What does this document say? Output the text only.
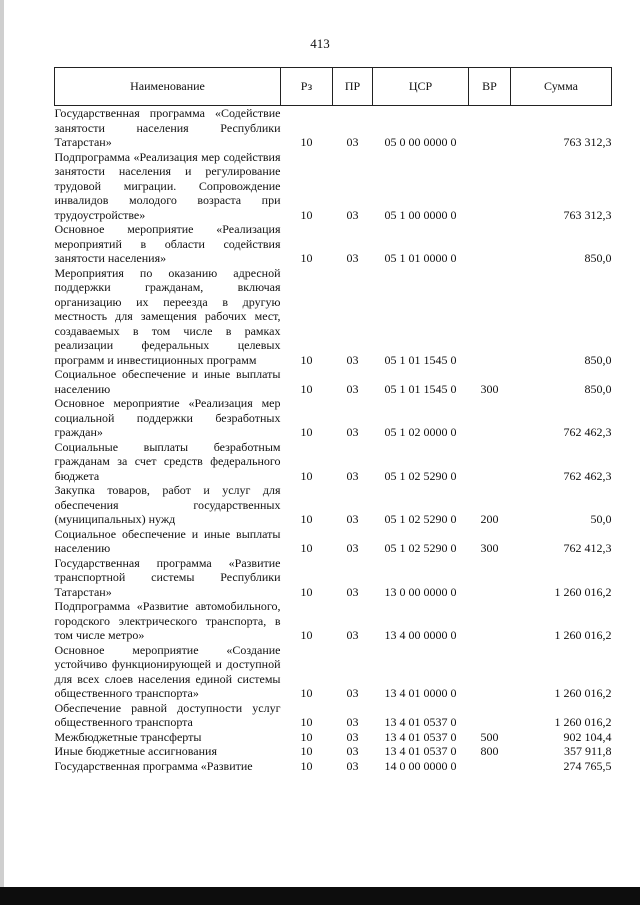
413
Наименование	Рз	ПР	ЦСР	ВР	Сумма
Государственная программа «Содействие занятости населения Республики Татарстан»	10	03	05 0 00 0000 0		763 312,3
Подпрограмма «Реализация мер содействия занятости населения и регулирование трудовой миграции. Сопровождение инвалидов молодого возраста при трудоустройстве»	10	03	05 1 00 0000 0		763 312,3
Основное мероприятие «Реализация мероприятий в области содействия занятости населения»	10	03	05 1 01 0000 0		850,0
Мероприятия по оказанию адресной поддержки гражданам, включая организацию их переезда в другую местность для замещения рабочих мест, создаваемых в том числе в рамках реализации федеральных целевых программ и инвестиционных программ	10	03	05 1 01 1545 0		850,0
Социальное обеспечение и иные выплаты населению	10	03	05 1 01 1545 0	300	850,0
Основное мероприятие «Реализация мер социальной поддержки безработных граждан»	10	03	05 1 02 0000 0		762 462,3
Социальные выплаты безработным гражданам за счет средств федерального бюджета	10	03	05 1 02 5290 0		762 462,3
Закупка товаров, работ и услуг для обеспечения государственных (муниципальных) нужд	10	03	05 1 02 5290 0	200	50,0
Социальное обеспечение и иные выплаты населению	10	03	05 1 02 5290 0	300	762 412,3
Государственная программа «Развитие транспортной системы Республики Татарстан»	10	03	13 0 00 0000 0		1 260 016,2
Подпрограмма «Развитие автомобильного, городского электрического транспорта, в том числе метро»	10	03	13 4 00 0000 0		1 260 016,2
Основное мероприятие «Создание устойчиво функционирующей и доступной для всех слоев населения единой системы общественного транспорта»	10	03	13 4 01 0000 0		1 260 016,2
Обеспечение равной доступности услуг общественного транспорта	10	03	13 4 01 0537 0		1 260 016,2
Межбюджетные трансферты	10	03	13 4 01 0537 0	500	902 104,4
Иные бюджетные ассигнования	10	03	13 4 01 0537 0	800	357 911,8
Государственная программа «Развитие	10	03	14 0 00 0000 0		274 765,5
